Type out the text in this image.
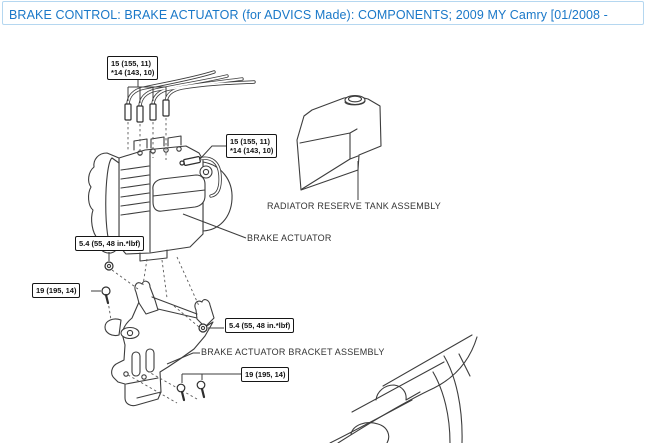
BRAKE CONTROL: BRAKE ACTUATOR (for ADVICS Made): COMPONENTS; 2009 MY Camry [01/2008 -
15 (155, 11)
*14 (143, 10)
15 (155, 11)
*14 (143, 10)
5.4 (55, 48 in.*lbf)
19 (195, 14)
5.4 (55, 48 in.*lbf)
19 (195, 14)
RADIATOR RESERVE TANK ASSEMBLY
BRAKE ACTUATOR
BRAKE ACTUATOR BRACKET ASSEMBLY
